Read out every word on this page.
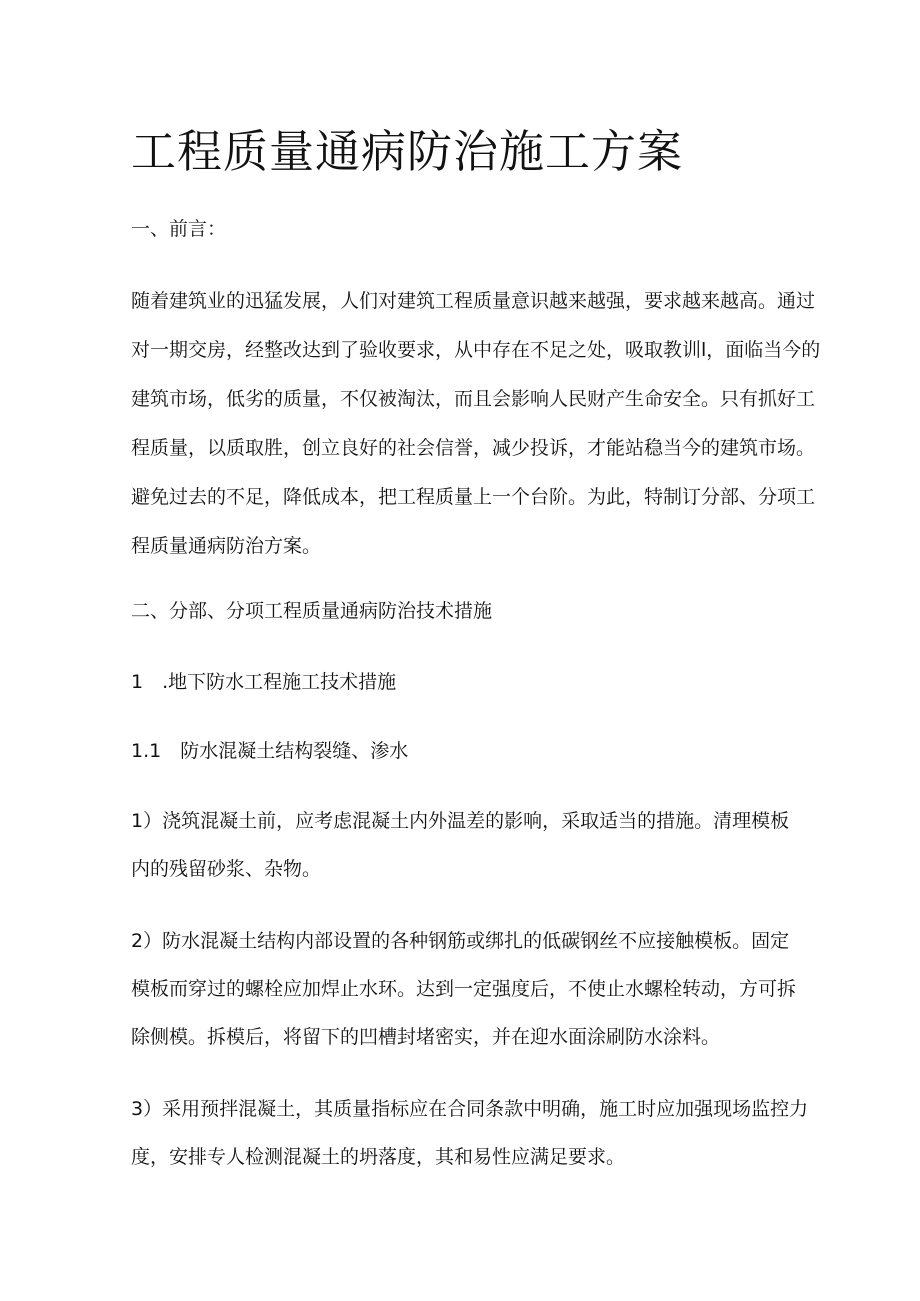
工程质量通病防治施工方案

一、前言：

随着建筑业的迅猛发展，人们对建筑工程质量意识越来越强，要求越来越高。通过

对一期交房，经整改达到了验收要求，从中存在不足之处，吸取教训l，面临当今的

建筑市场，低劣的质量，不仅被淘汰，而且会影响人民财产生命安全。只有抓好工

程质量，以质取胜，创立良好的社会信誉，减少投诉，才能站稳当今的建筑市场。

避免过去的不足，降低成本，把工程质量上一个台阶。为此，特制订分部、分项工

程质量通病防治方案。

二、分部、分项工程质量通病防治技术措施

1　.地下防水工程施工技术措施

1.1　防水混凝土结构裂缝、渗水

1）浇筑混凝土前，应考虑混凝土内外温差的影响，采取适当的措施。清理模板

内的残留砂浆、杂物。

2）防水混凝土结构内部设置的各种钢筋或绑扎的低碳钢丝不应接触模板。固定

模板而穿过的螺栓应加焊止水环。达到一定强度后，不使止水螺栓转动，方可拆

除侧模。拆模后，将留下的凹槽封堵密实，并在迎水面涂刷防水涂料。

3）采用预拌混凝土，其质量指标应在合同条款中明确，施工时应加强现场监控力

度，安排专人检测混凝土的坍落度，其和易性应满足要求。
